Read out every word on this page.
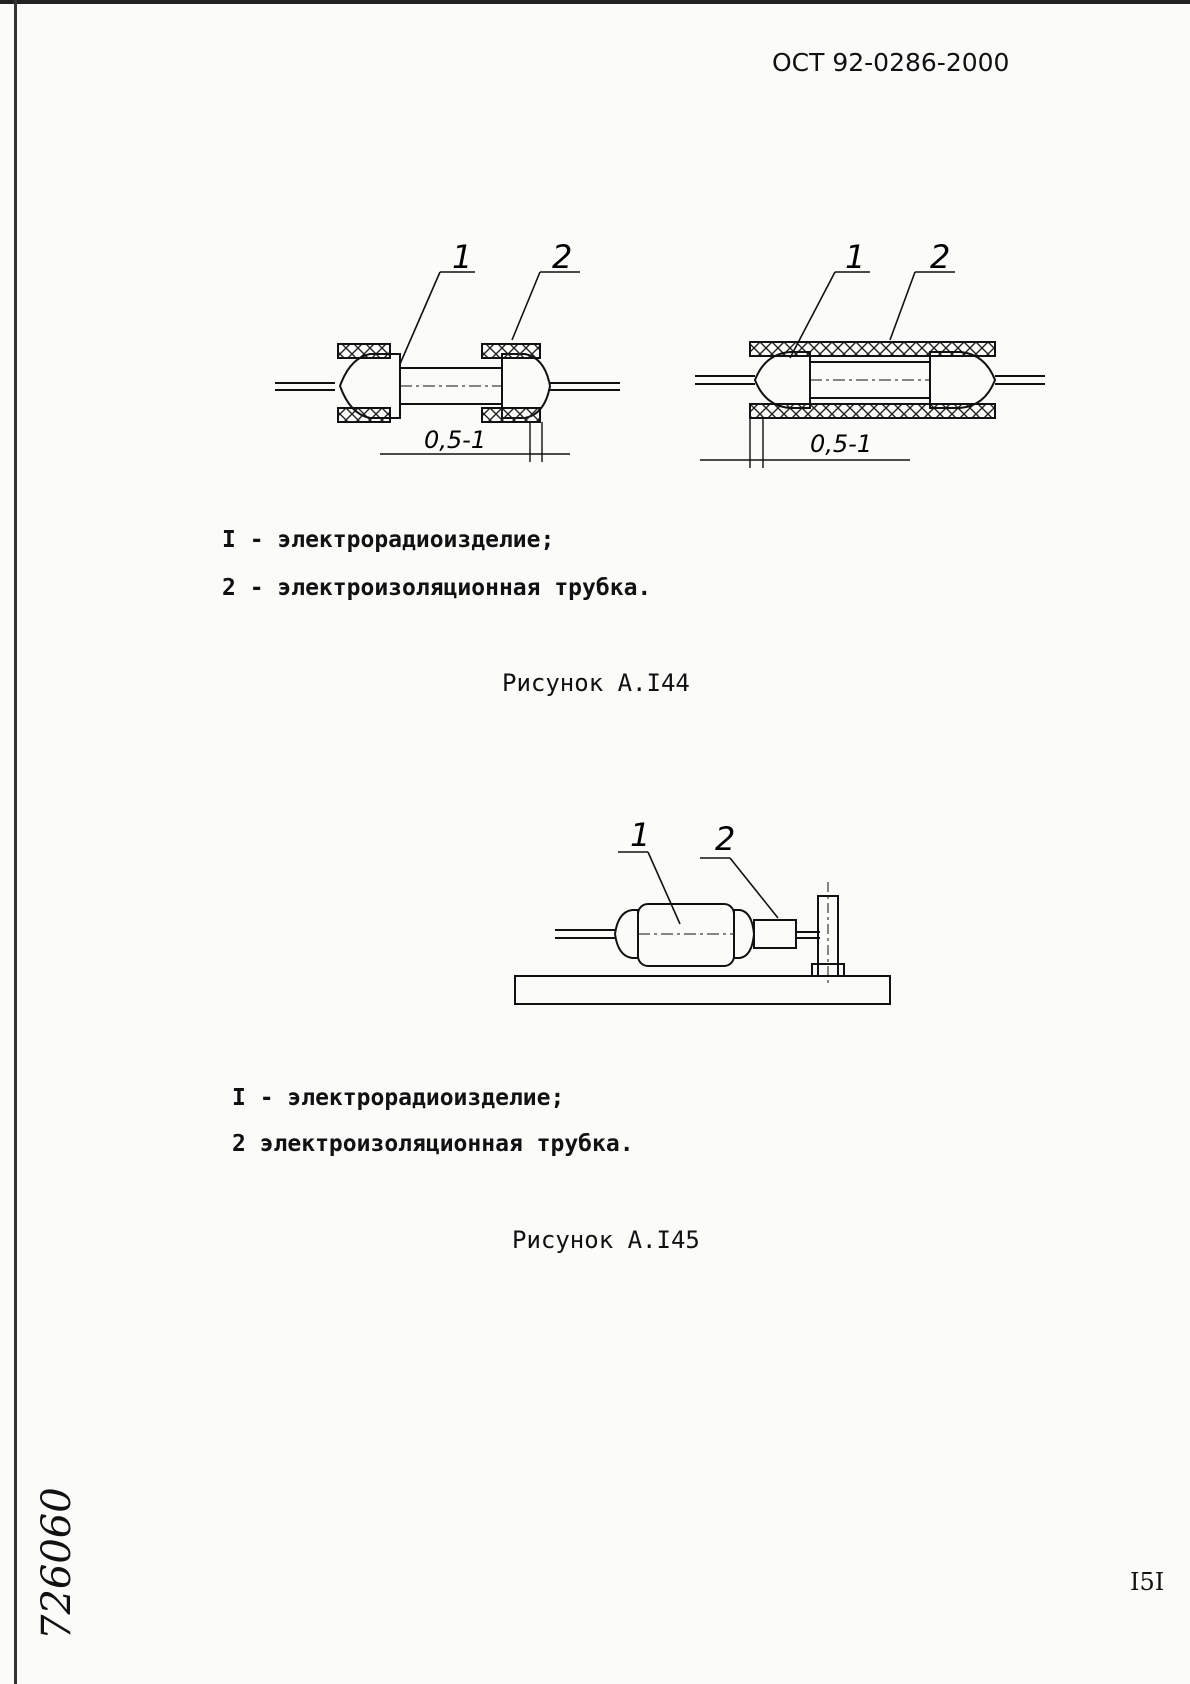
ОСТ 92-0286-2000
1 2
0,5-1
1 2
0,5-1
I - электрорадиоизделие;
2 - электроизоляционная трубка.
Рисунок А.I44
1 2
I - электрорадиоизделие;
2 электроизоляционная трубка.
Рисунок А.I45
726060	I5I
